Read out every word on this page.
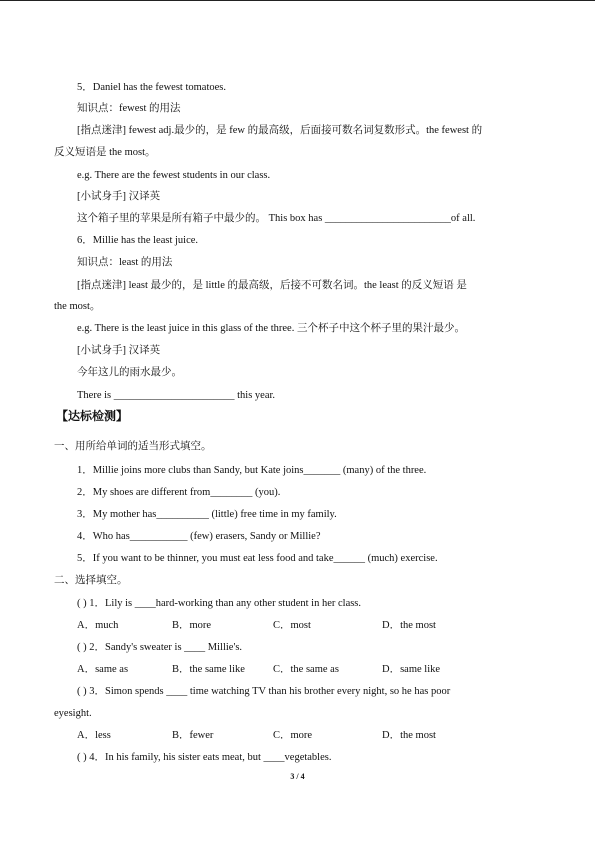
5．Daniel has the fewest tomatoes.
知识点：fewest 的用法
[指点迷津] fewest adj.最少的，是 few 的最高级，后面接可数名词复数形式。the fewest 的
反义短语是 the most。
e.g. There are the fewest students in our class.
[小试身手] 汉译英
这个箱子里的苹果是所有箱子中最少的。 This box has ________________________of all.
6．Millie has the least juice.
知识点：least 的用法
[指点迷津] least 最少的，是 little 的最高级，后接不可数名词。the least 的反义短语 是
the most。
e.g. There is the least juice in this glass of the three. 三个杯子中这个杯子里的果汁最少。
[小试身手] 汉译英
今年这儿的雨水最少。
There is _______________________ this year.
【达标检测】
一、用所给单词的适当形式填空。
1．Millie joins more clubs than Sandy, but Kate joins_______ (many) of the three.
2．My shoes are different from________ (you).
3．My mother has__________ (little) free time in my family.
4．Who has___________ (few) erasers, Sandy or Millie?
5．If you want to be thinner, you must eat less food and take______ (much) exercise.
二、选择填空。
( ) 1．Lily is ____hard-working than any other student in her class.
A．much	B．more	C．most	D．the most
( ) 2．Sandy's sweater is ____ Millie's.
A．same as	B．the same like	C．the same as	D．same like
( ) 3．Simon spends ____ time watching TV than his brother every night, so he has poor
eyesight.
A．less	B．fewer	C．more	D．the most
( ) 4．In his family, his sister eats meat, but ____vegetables.
3 / 4
